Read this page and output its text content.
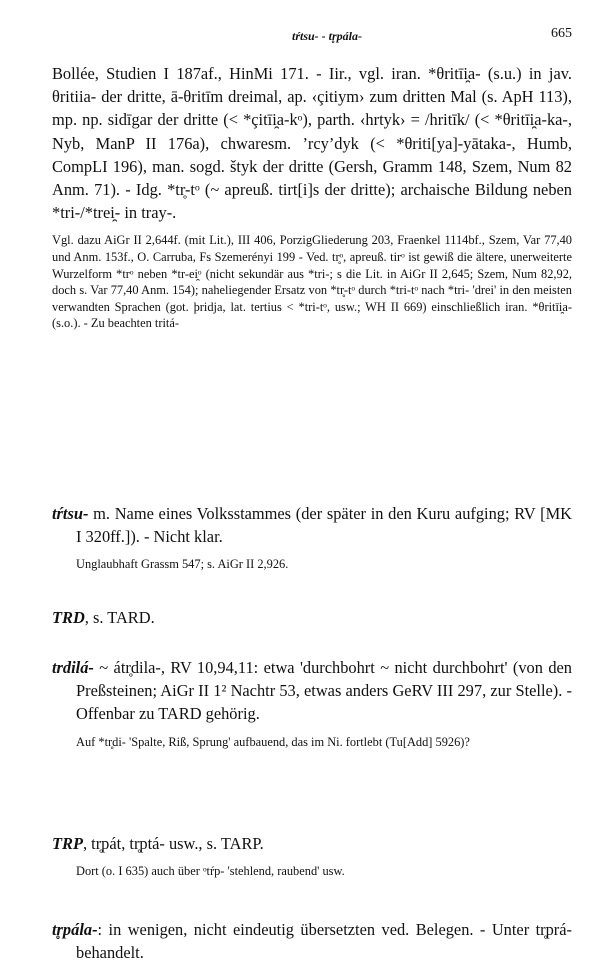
tŕtsu- - tr̥pála-	665

Bollée, Studien I 187af., HinMi 171. - Iir., vgl. iran. *θritīi̯a- (s.u.) in jav. θritiia- der dritte, ā-θritīm dreimal, ap. ‹çitiym› zum dritten Mal (s. ApH 113), mp. np. sidīgar der dritte (< *çitīi̯a-kᵒ), parth. ‹hrtyk› = /hritīk/ (< *θritīi̯a-ka-, Nyb, ManP II 176a), chwaresm. ’rcy’dyk (< *θriti[ya]-yātaka-, Humb, CompLI 196), man. sogd. štyk der dritte (Gersh, Gramm 148, Szem, Num 82 Anm. 71). - Idg. *tr̥-tᵒ (~ apreuß. tirt[i]s der dritte); archaische Bildung neben *tri-/*trei̯- in tray-.

Vgl. dazu AiGr II 2,644f. (mit Lit.), III 406, PorzigGliederung 203, Fraenkel 1114bf., Szem, Var 77,40 und Anm. 153f., O. Carruba, Fs Szemerényi 199 - Ved. tr̥ᵒ, apreuß. tirᵒ ist gewiß die ältere, unerweiterte Wurzelform *trᵒ neben *tr-ei̯ᵒ (nicht sekundär aus *tri-; s die Lit. in AiGr II 2,645; Szem, Num 82,92, doch s. Var 77,40 Anm. 154); naheliegender Ersatz von *tr̥-tᵒ durch *tri-tᵒ nach *tri- 'drei' in den meisten verwandten Sprachen (got. þridja, lat. tertius < *tri-tᵒ, usw.; WH II 669) einschließlich iran. *θritīi̯a- (s.o.). - Zu beachten tritá-

tŕtsu- m. Name eines Volksstammes (der später in den Kuru aufging; RV [MK I 320ff.]). - Nicht klar.

Unglaubhaft Grassm 547; s. AiGr II 2,926.

TRD, s. TARD.

trdilá- ~ átr̥dila-, RV 10,94,11: etwa 'durchbohrt ~ nicht durchbohrt' (von den Preßsteinen; AiGr II 1² Nachtr 53, etwas anders GeRV III 297, zur Stelle). - Offenbar zu TARD gehörig.

Auf *tr̥di- 'Spalte, Riß, Sprung' aufbauend, das im Ni. fortlebt (Tu[Add] 5926)?

TRP, tr̥pát, tr̥ptá- usw., s. TARP.

Dort (o. I 635) auch über ᵒtŕp- 'stehlend, raubend' usw.

tr̥pála-: in wenigen, nicht eindeutig übersetzten ved. Belegen. - Unter tr̥prá- behandelt.
